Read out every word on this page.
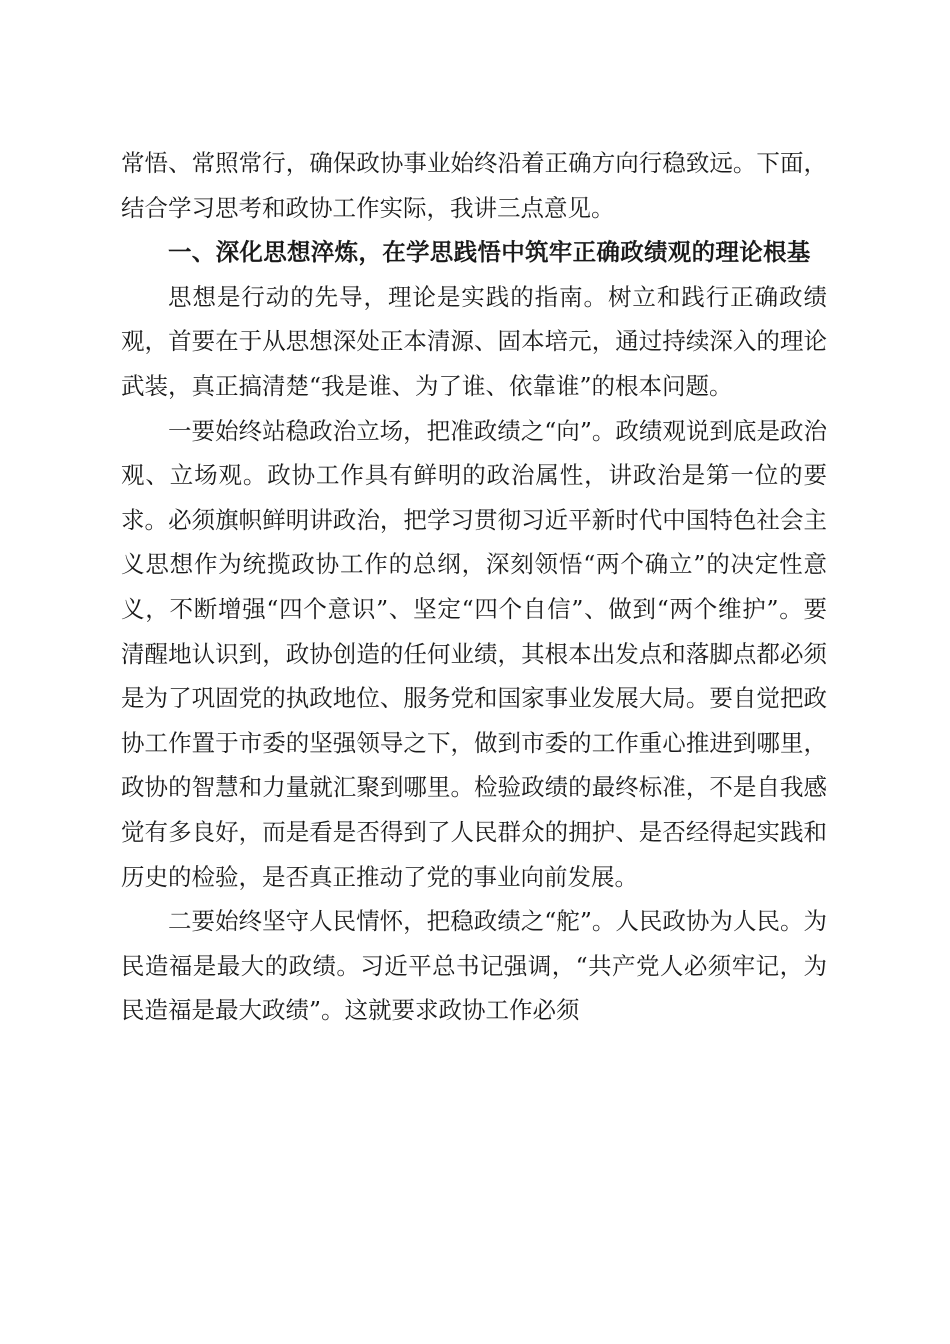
常悟、常照常行，确保政协事业始终沿着正确方向行稳致远。下面，结合学习思考和政协工作实际，我讲三点意见。

一、深化思想淬炼，在学思践悟中筑牢正确政绩观的理论根基

思想是行动的先导，理论是实践的指南。树立和践行正确政绩观，首要在于从思想深处正本清源、固本培元，通过持续深入的理论武装，真正搞清楚“我是谁、为了谁、依靠谁”的根本问题。

一要始终站稳政治立场，把准政绩之“向”。政绩观说到底是政治观、立场观。政协工作具有鲜明的政治属性，讲政治是第一位的要求。必须旗帜鲜明讲政治，把学习贯彻习近平新时代中国特色社会主义思想作为统揽政协工作的总纲，深刻领悟“两个确立”的决定性意义，不断增强“四个意识”、坚定“四个自信”、做到“两个维护”。要清醒地认识到，政协创造的任何业绩，其根本出发点和落脚点都必须是为了巩固党的执政地位、服务党和国家事业发展大局。要自觉把政协工作置于市委的坚强领导之下，做到市委的工作重心推进到哪里，政协的智慧和力量就汇聚到哪里。检验政绩的最终标准，不是自我感觉有多良好，而是看是否得到了人民群众的拥护、是否经得起实践和历史的检验，是否真正推动了党的事业向前发展。

二要始终坚守人民情怀，把稳政绩之“舵”。人民政协为人民。为民造福是最大的政绩。习近平总书记强调，“共产党人必须牢记，为民造福是最大政绩”。这就要求政协工作必须
